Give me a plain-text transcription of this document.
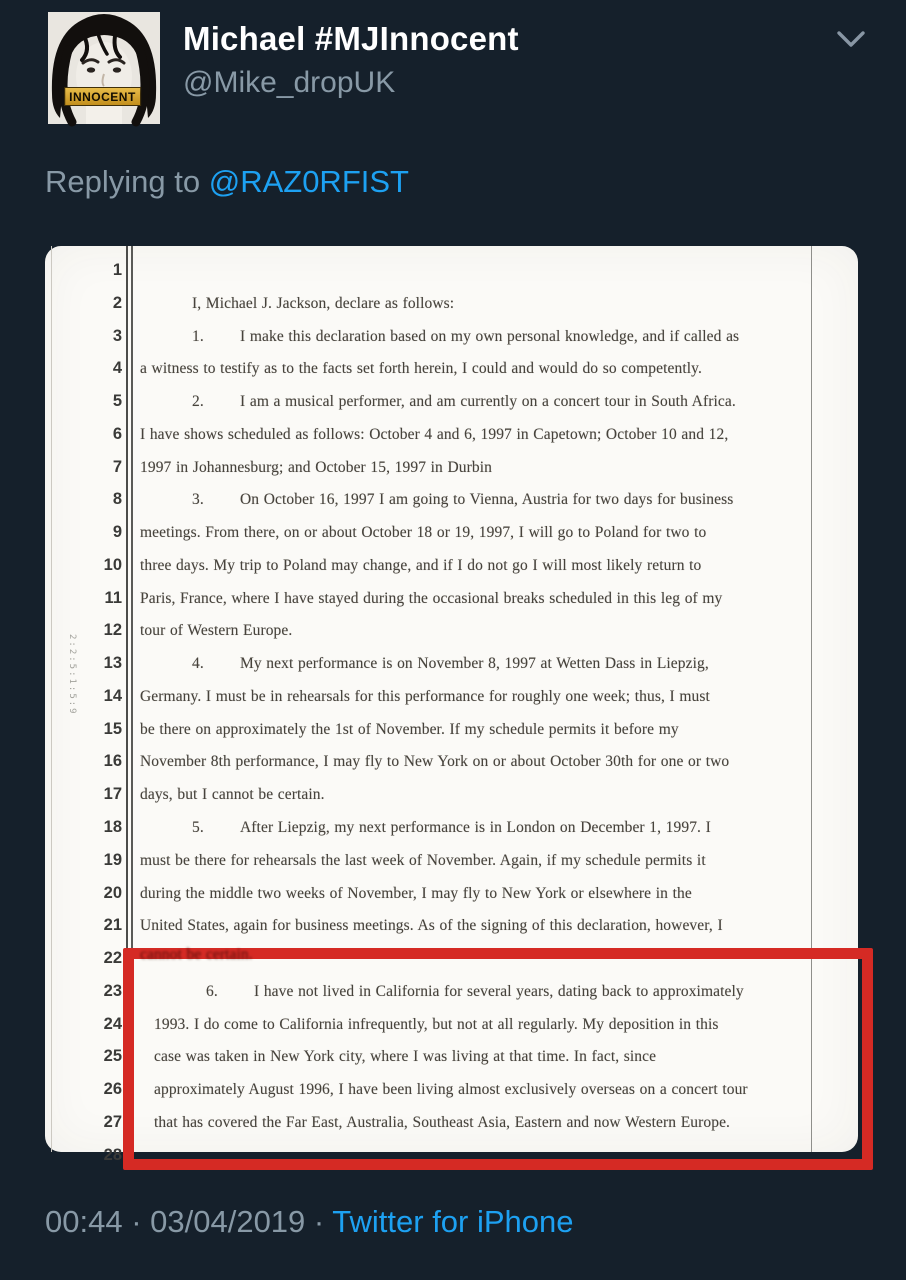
INNOCENT
Michael #MJInnocent
@Mike_dropUK
Replying to @RAZ0RFIST
2:2:5:1:5:9
1
2	I, Michael J. Jackson, declare as follows:
3	1. I make this declaration based on my own personal knowledge, and if called as
4 a witness to testify as to the facts set forth herein, I could and would do so competently.
5	2. I am a musical performer, and am currently on a concert tour in South Africa.
6 I have shows scheduled as follows: October 4 and 6, 1997 in Capetown; October 10 and 12,
7 1997 in Johannesburg; and October 15, 1997 in Durbin
8	3. On October 16, 1997 I am going to Vienna, Austria for two days for business
9 meetings. From there, on or about October 18 or 19, 1997, I will go to Poland for two to
10 three days. My trip to Poland may change, and if I do not go I will most likely return to
11 Paris, France, where I have stayed during the occasional breaks scheduled in this leg of my
12 tour of Western Europe.
13	4. My next performance is on November 8, 1997 at Wetten Dass in Liepzig,
14 Germany. I must be in rehearsals for this performance for roughly one week; thus, I must
15 be there on approximately the 1st of November. If my schedule permits it before my
16 November 8th performance, I may fly to New York on or about October 30th for one or two
17 days, but I cannot be certain.
18	5. After Liepzig, my next performance is in London on December 1, 1997. I
19 must be there for rehearsals the last week of November. Again, if my schedule permits it
20 during the middle two weeks of November, I may fly to New York or elsewhere in the
21 United States, again for business meetings. As of the signing of this declaration, however, I
22 cannot be certain.
23	6. I have not lived in California for several years, dating back to approximately
24 1993. I do come to California infrequently, but not at all regularly. My deposition in this
25 case was taken in New York city, where I was living at that time. In fact, since
26 approximately August 1996, I have been living almost exclusively overseas on a concert tour
27 that has covered the Far East, Australia, Southeast Asia, Eastern and now Western Europe.
28
00:44 · 03/04/2019 · Twitter for iPhone
